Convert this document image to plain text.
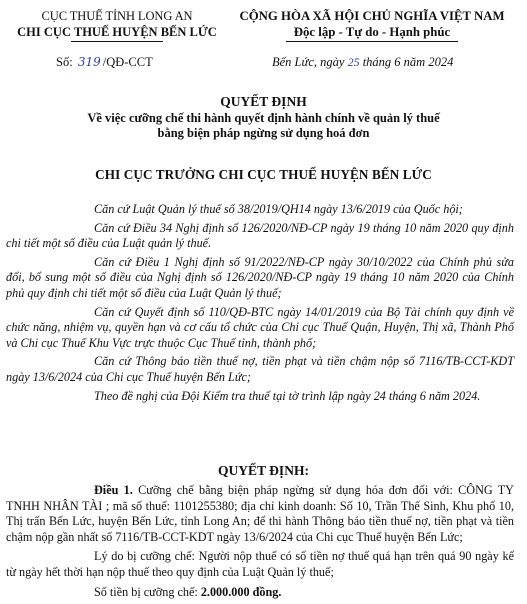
CỤC THUẾ TỈNH LONG AN
CHI CỤC THUẾ HUYỆN BẾN LỨC
CỘNG HÒA XÃ HỘI CHỦ NGHĨA VIỆT NAM
Độc lập - Tự do - Hạnh phúc
Số: 319 /QĐ-CCT	Bến Lức, ngày 25 tháng 6 năm 2024
QUYẾT ĐỊNH
Về việc cưỡng chế thi hành quyết định hành chính về quản lý thuế
bằng biện pháp ngừng sử dụng hoá đơn
CHI CỤC TRƯỞNG CHI CỤC THUẾ HUYỆN BẾN LỨC

Căn cứ Luật Quản lý thuế số 38/2019/QH14 ngày 13/6/2019 của Quốc hội;

Căn cứ Điều 34 Nghị định số 126/2020/NĐ-CP ngày 19 tháng 10 năm 2020 quy định chi tiết một số điều của Luật quản lý thuế.

Căn cứ Điều 1 Nghị định số 91/2022/NĐ-CP ngày 30/10/2022 của Chính phủ sửa đổi, bổ sung một số điều của Nghị định số 126/2020/NĐ-CP ngày 19 tháng 10 năm 2020 của Chính phủ quy định chi tiết một số điều của Luật Quản lý thuế;

Căn cứ Quyết định số 110/QĐ-BTC ngày 14/01/2019 của Bộ Tài chính quy định về chức năng, nhiệm vụ, quyền hạn và cơ cấu tổ chức của Chi cục Thuế Quận, Huyện, Thị xã, Thành Phố và Chi cục Thuế Khu Vực trực thuộc Cục Thuế tỉnh, thành phố;

Căn cứ Thông báo tiền thuế nợ, tiền phạt và tiền chậm nộp số 7116/TB-CCT-KDT ngày 13/6/2024 của Chi cục Thuế huyện Bến Lức;

Theo đề nghị của Đội Kiểm tra thuế tại tờ trình lập ngày 24 tháng 6 năm 2024.

QUYẾT ĐỊNH:

Điều 1. Cưỡng chế bằng biện pháp ngừng sử dụng hóa đơn đối với: CÔNG TY TNHH NHÂN TÀI ; mã số thuế: 1101255380; địa chỉ kinh doanh: Số 10, Trần Thế Sinh, Khu phố 10, Thị trấn Bến Lức, huyện Bến Lức, tỉnh Long An; để thi hành Thông báo tiền thuế nợ, tiền phạt và tiền chậm nộp gần nhất số 7116/TB-CCT-KDT ngày 13/6/2024 của Chi cục Thuế huyện Bến Lức;

Lý do bị cưỡng chế: Người nộp thuế có số tiền nợ thuế quá hạn trên quá 90 ngày kể từ ngày hết thời hạn nộp thuế theo quy định của Luật Quản lý thuế;

Số tiền bị cưỡng chế: 2.000.000 đồng.
